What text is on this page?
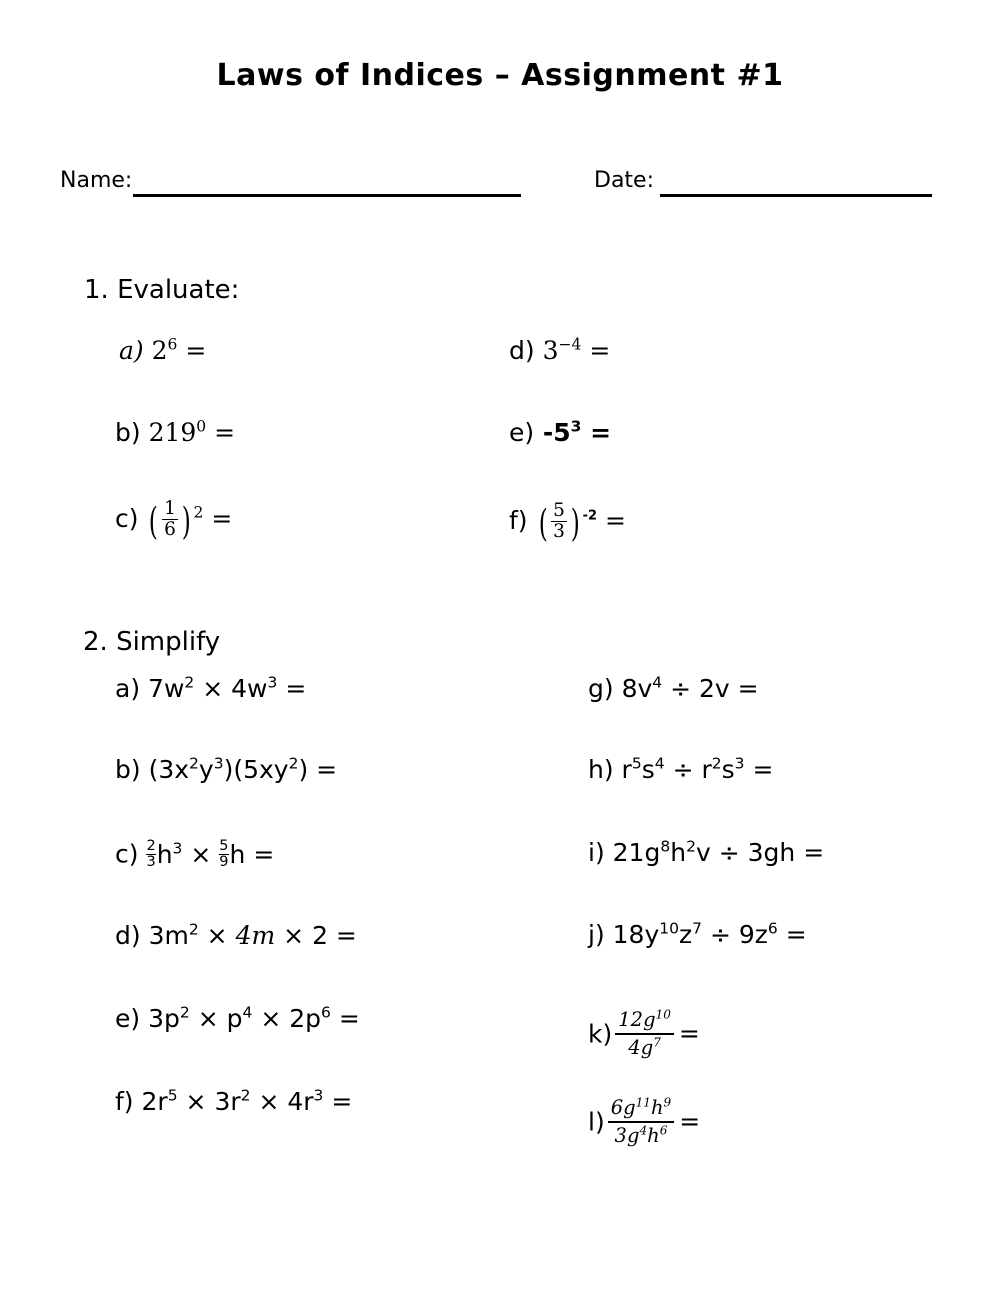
Laws of Indices – Assignment #1
Name:	Date:
1. Evaluate:
a) $2^6$ =
b) $219^0$ =
c) ( $\frac{1}{6}$ ) $^2$ =
d) $3^{-4}$ =
e) $-5^3$ =
f) ( $\frac{5}{3}$ ) $^{-2}$ =
2. Simplify
a) $7w^2 \times 4w^3$ =
b) $(3x^2y^3)(5xy^2)$ =
$c) \frac{2}{3} h^3 \times \frac{5}{9}$ h =
d) $3m^2 \times 4m \times 2$ =
e) $3p^2 \times p^4 \times 2p^6$ =
f) $2r^5 \times 3r^2 \times 4r^3$ =
g) $8v^4 \div 2v$ =
h) $r^5s^4 \div r^2s^3$ =
i) $21g^8h^2v \div 3gh$ =
j) $18y^{10}z^7 \div 9z^6$ =
$k) \frac{12g^{10}}{4g^7}$ =
$l) \frac{6g^{11}h^9}{3g^4h^6}$ =
